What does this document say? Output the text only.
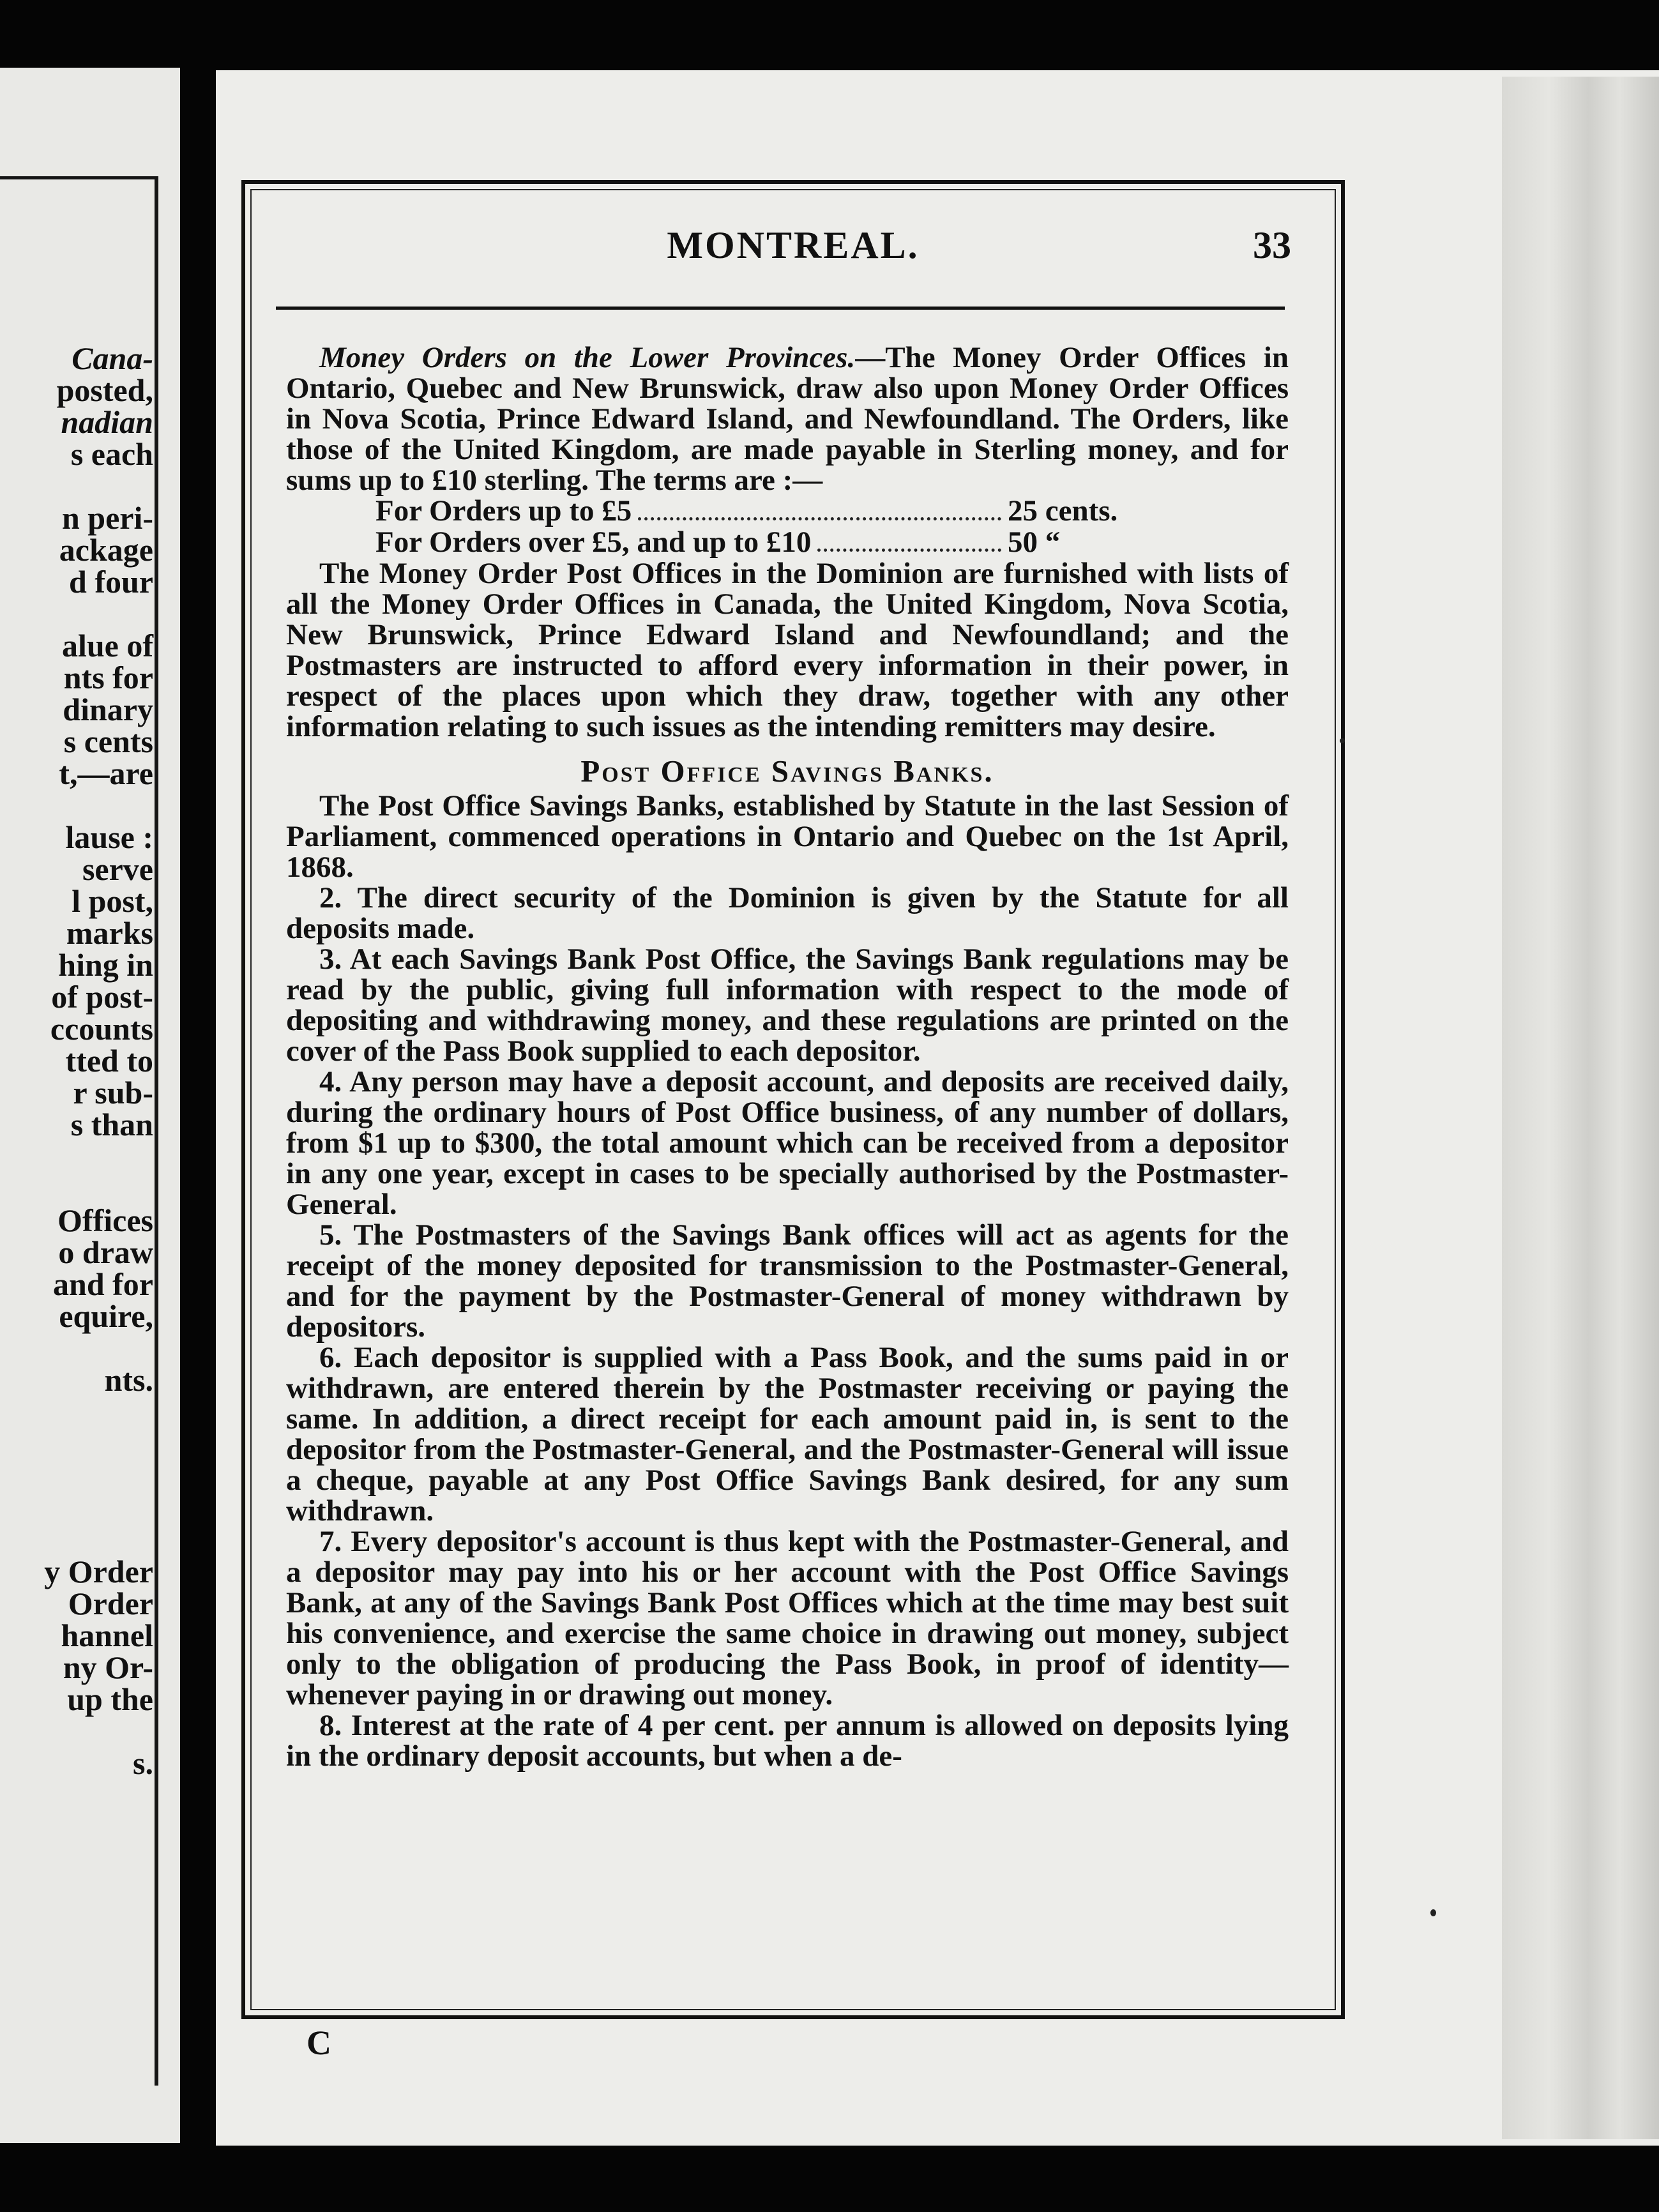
Cana-
posted,
nadian
s each
n peri-
ackage
d four
alue of
nts for
dinary
s cents
t,—are
lause :
serve
l post,
marks
hing in
of post-
ccounts
tted to
r sub-
s than
Offices
o draw
and for
equire,
nts.
y Order
Order
hannel
ny Or-
up the
s.
MONTREAL.	33

Money Orders on the Lower Provinces.—The Money Order Offices in Ontario, Quebec and New Brunswick, draw also upon Money Order Offices in Nova Scotia, Prince Edward Island, and Newfoundland. The Orders, like those of the United Kingdom, are made payable in Sterling money, and for sums up to £10 sterling. The terms are :—

For Orders up to £5	25 cents.
For Orders over £5, and up to £10	50 “

The Money Order Post Offices in the Dominion are furnished with lists of all the Money Order Offices in Canada, the United Kingdom, Nova Scotia, New Brunswick, Prince Edward Island and Newfoundland; and the Postmasters are instructed to afford every information in their power, in respect of the places upon which they draw, together with any other information relating to such issues as the intending remitters may desire.

Post Office Savings Banks.

The Post Office Savings Banks, established by Statute in the last Session of Parliament, commenced operations in Ontario and Quebec on the 1st April, 1868.

2. The direct security of the Dominion is given by the Statute for all deposits made.

3. At each Savings Bank Post Office, the Savings Bank regulations may be read by the public, giving full information with respect to the mode of depositing and withdrawing money, and these regulations are printed on the cover of the Pass Book supplied to each depositor.

4. Any person may have a deposit account, and deposits are received daily, during the ordinary hours of Post Office business, of any number of dollars, from $1 up to $300, the total amount which can be received from a depositor in any one year, except in cases to be specially authorised by the Postmaster-General.

5. The Postmasters of the Savings Bank offices will act as agents for the receipt of the money deposited for transmission to the Postmaster-General, and for the payment by the Postmaster-General of money withdrawn by depositors.

6. Each depositor is supplied with a Pass Book, and the sums paid in or withdrawn, are entered therein by the Postmaster receiving or paying the same. In addition, a direct receipt for each amount paid in, is sent to the depositor from the Postmaster-General, and the Postmaster-General will issue a cheque, payable at any Post Office Savings Bank desired, for any sum withdrawn.

7. Every depositor's account is thus kept with the Postmaster-General, and a depositor may pay into his or her account with the Post Office Savings Bank, at any of the Savings Bank Post Offices which at the time may best suit his convenience, and exercise the same choice in drawing out money, subject only to the obligation of producing the Pass Book, in proof of identity—whenever paying in or drawing out money.

8. Interest at the rate of 4 per cent. per annum is allowed on deposits lying in the ordinary deposit accounts, but when a de-

C
